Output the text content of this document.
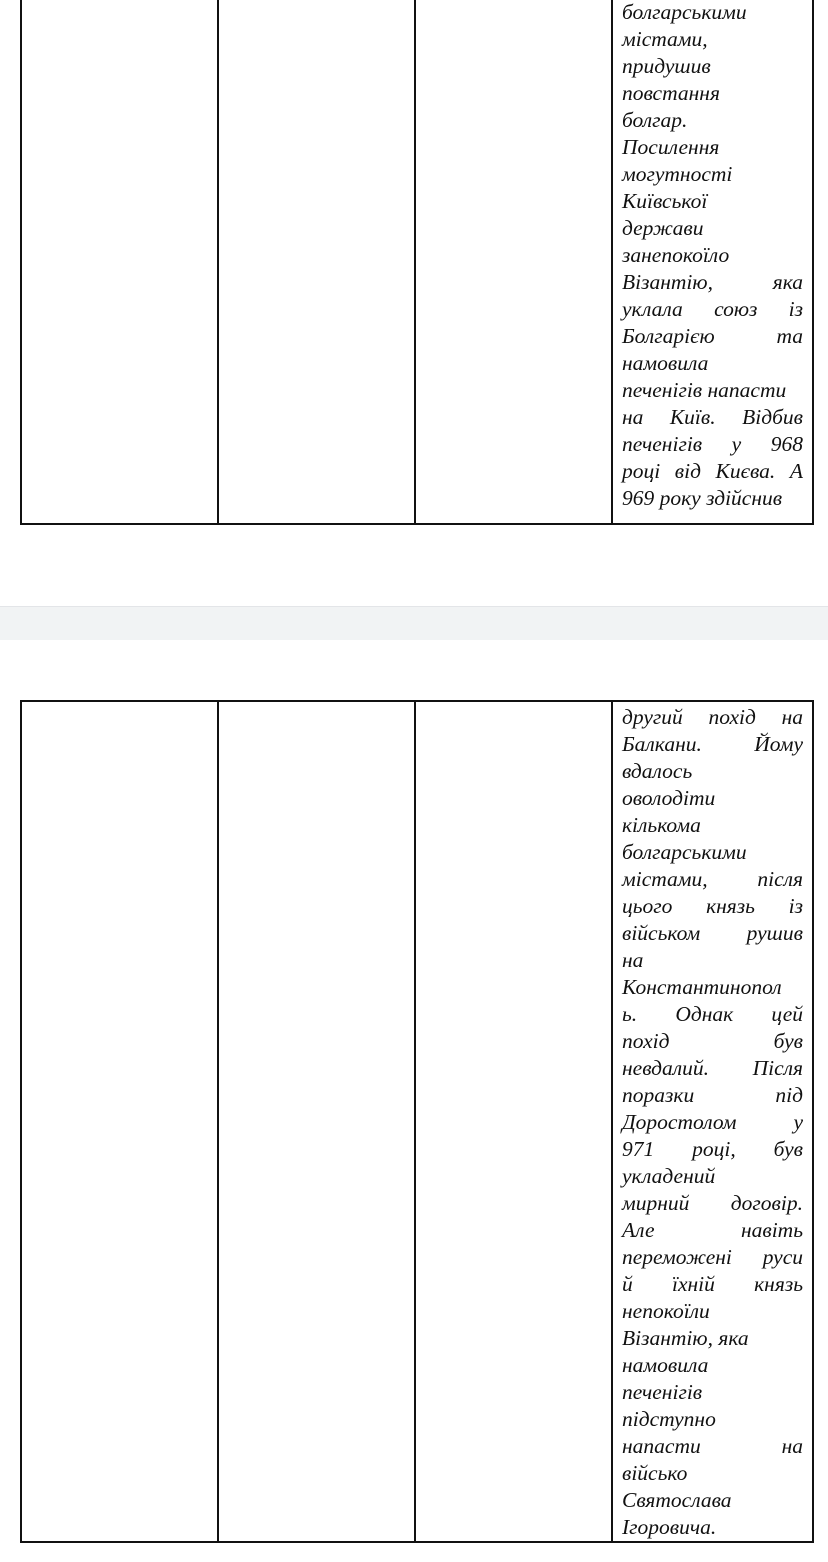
болгарськими
містами,
придушив
повстання
болгар.
Посилення
могутності
Київської
держави
занепокоїло
Візантію, яка
уклала союз із
Болгарією та
намовила
печенігів напасти
на Київ. Відбив
печенігів у 968
році від Києва. А
969 року здійснив

другий похід на
Балкани. Йому
вдалось
оволодіти
кількома
болгарськими
містами, після
цього князь із
військом рушив
на
Константинопол
ь. Однак цей
похід був
невдалий. Після
поразки під
Доростолом у
971 році, був
укладений
мирний договір.
Але навіть
переможені руси
й їхній князь
непокоїли
Візантію, яка
намовила
печенігів
підступно
напасти на
військо
Святослава
Ігоровича.
